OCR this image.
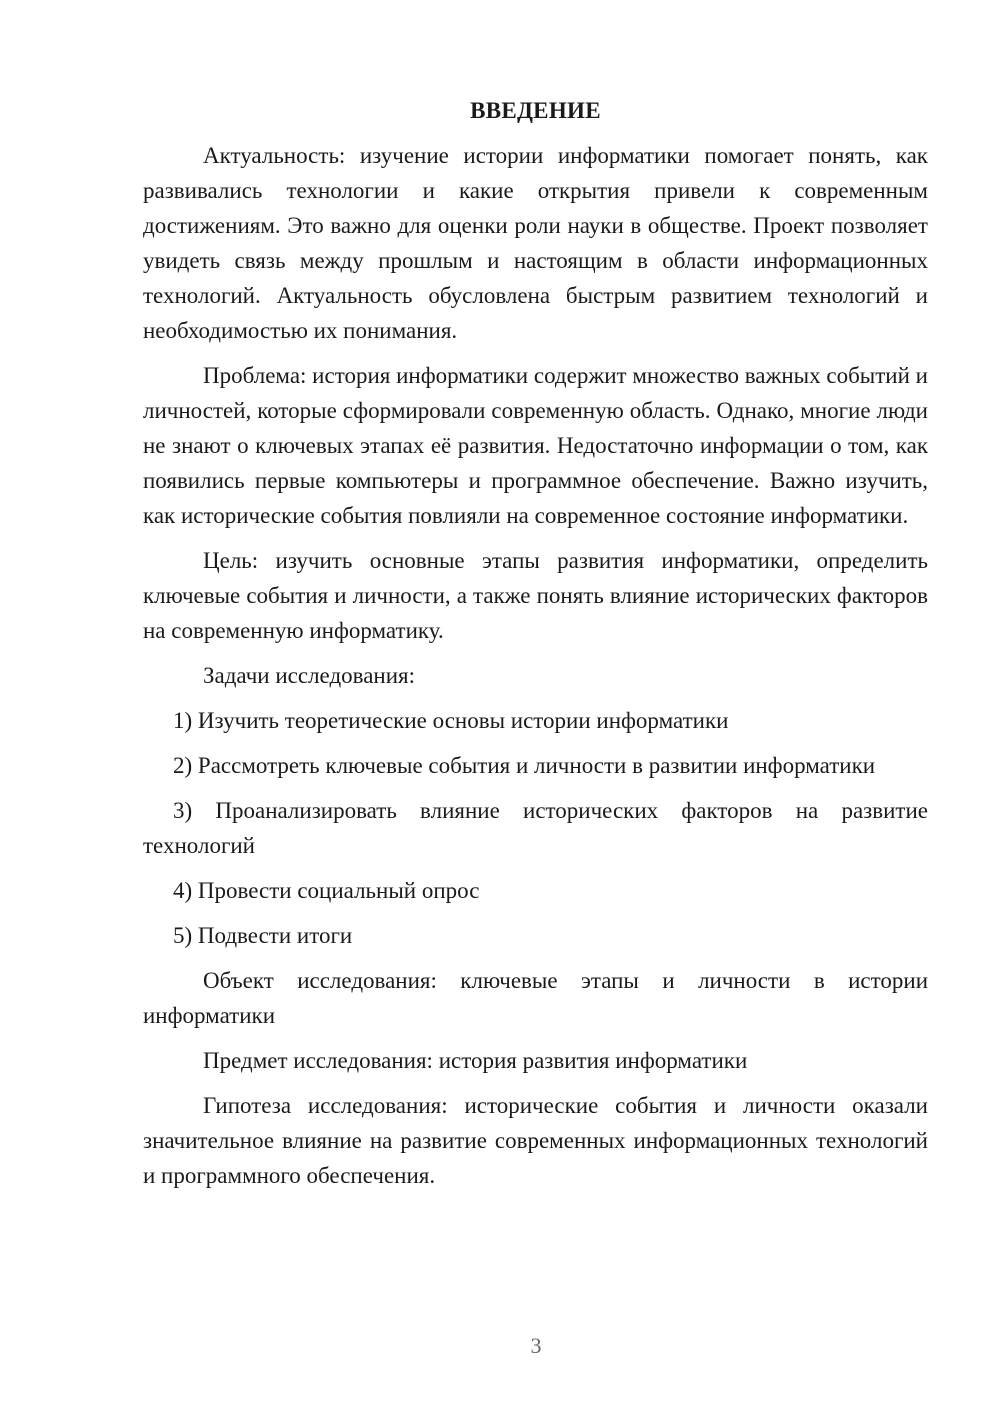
ВВЕДЕНИЕ

Актуальность: изучение истории информатики помогает понять, как развивались технологии и какие открытия привели к современным достижениям. Это важно для оценки роли науки в обществе. Проект позволяет увидеть связь между прошлым и настоящим в области информационных технологий. Актуальность обусловлена быстрым развитием технологий и необходимостью их понимания.

Проблема: история информатики содержит множество важных событий и личностей, которые сформировали современную область. Однако, многие люди не знают о ключевых этапах её развития. Недостаточно информации о том, как появились первые компьютеры и программное обеспечение. Важно изучить, как исторические события повлияли на современное состояние информатики.

Цель: изучить основные этапы развития информатики, определить ключевые события и личности, а также понять влияние исторических факторов на современную информатику.

Задачи исследования:

1) Изучить теоретические основы истории информатики

2) Рассмотреть ключевые события и личности в развитии информатики

3) Проанализировать влияние исторических факторов на развитие технологий

4) Провести социальный опрос

5) Подвести итоги

Объект исследования: ключевые этапы и личности в истории информатики

Предмет исследования: история развития информатики

Гипотеза исследования: исторические события и личности оказали значительное влияние на развитие современных информационных технологий и программного обеспечения.

3
